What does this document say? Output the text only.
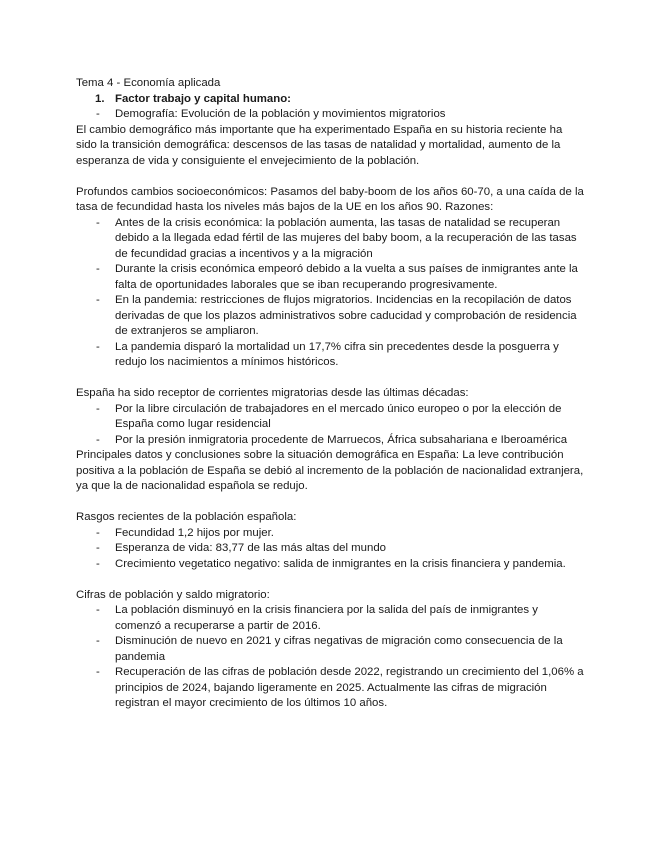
Tema 4 - Economía aplicada

1. Factor trabajo y capital humano:
- Demografía: Evolución de la población y movimientos migratorios

El cambio demográfico más importante que ha experimentado España en su historia reciente ha sido la transición demográfica: descensos de las tasas de natalidad y mortalidad, aumento de la esperanza de vida y consiguiente el envejecimiento de la población.

Profundos cambios socioeconómicos: Pasamos del baby-boom de los años 60-70, a una caída de la tasa de fecundidad hasta los niveles más bajos de la UE en los años 90. Razones:

- Antes de la crisis económica: la población aumenta, las tasas de natalidad se recuperan debido a la llegada edad fértil de las mujeres del baby boom, a la recuperación de las tasas de fecundidad gracias a incentivos y a la migración
- Durante la crisis económica empeoró debido a la vuelta a sus países de inmigrantes ante la falta de oportunidades laborales que se iban recuperando progresivamente.
- En la pandemia: restricciones de flujos migratorios. Incidencias en la recopilación de datos derivadas de que los plazos administrativos sobre caducidad y comprobación de residencia de extranjeros se ampliaron.
- La pandemia disparó la mortalidad un 17,7% cifra sin precedentes desde la posguerra y redujo los nacimientos a mínimos históricos.

España ha sido receptor de corrientes migratorias desde las últimas décadas:

- Por la libre circulación de trabajadores en el mercado único europeo o por la elección de España como lugar residencial
- Por la presión inmigratoria procedente de Marruecos, África subsahariana e Iberoamérica

Principales datos y conclusiones sobre la situación demográfica en España: La leve contribución positiva a la población de España se debió al incremento de la población de nacionalidad extranjera, ya que la de nacionalidad española se redujo.

Rasgos recientes de la población española:

- Fecundidad 1,2 hijos por mujer.
- Esperanza de vida: 83,77 de las más altas del mundo
- Crecimiento vegetatico negativo: salida de inmigrantes en la crisis financiera y pandemia.

Cifras de población y saldo migratorio:

- La población disminuyó en la crisis financiera por la salida del país de inmigrantes y comenzó a recuperarse a partir de 2016.
- Disminución de nuevo en 2021 y cifras negativas de migración como consecuencia de la pandemia
- Recuperación de las cifras de población desde 2022, registrando un crecimiento del 1,06% a principios de 2024, bajando ligeramente en 2025. Actualmente las cifras de migración registran el mayor crecimiento de los últimos 10 años.
